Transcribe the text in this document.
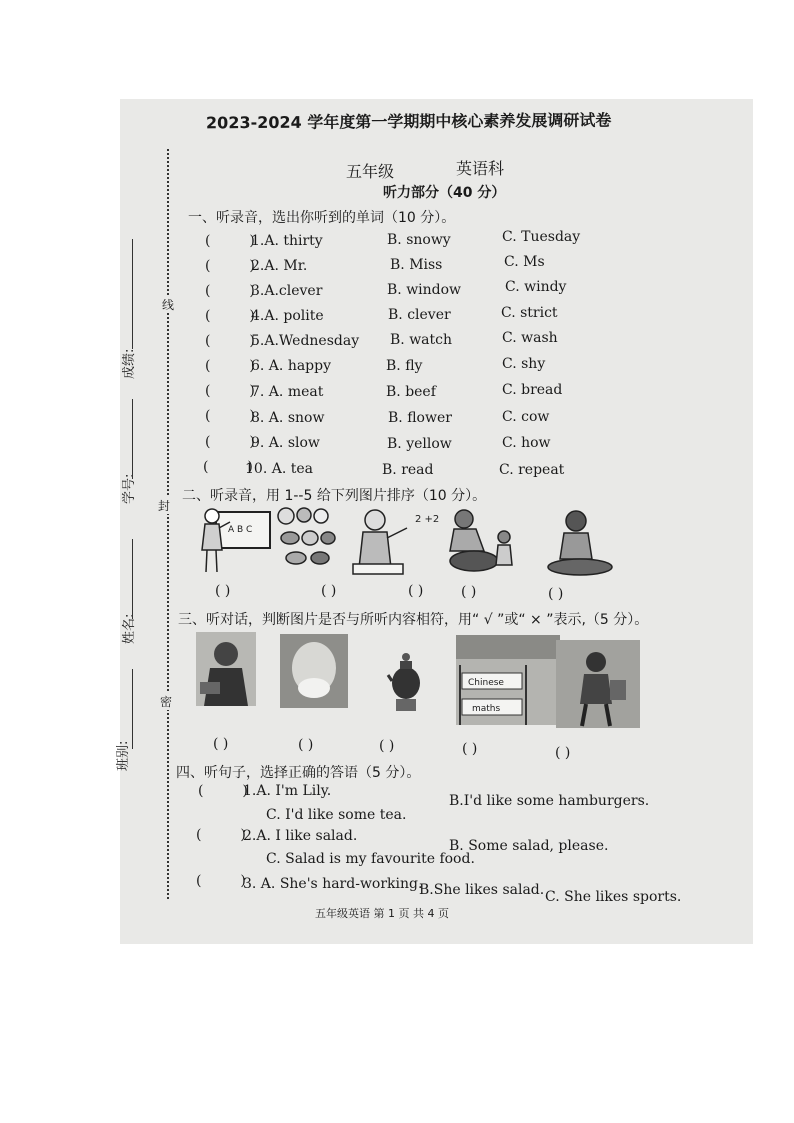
2023-2024 学年度第一学期期中核心素养发展调研试卷
五年级	英语科
听力部分（40 分）
成绩:
学号:
姓名:
班别:
线
封
密
一、听录音，选出你听到的单词（10 分）。
(  )
1.A. thirty	B. snowy	C. Tuesday
(  )
2.A. Mr.	B. Miss	C. Ms
(  )
3.A.clever	B. window	C. windy
(  )
4.A. polite	B. clever	C. strict
(  )
5.A.Wednesday B. watch	C. wash
(  )
6. A. happy	B. fly	C. shy
(  )
7. A. meat	B. beef	C. bread
(  )
8. A. snow	B. flower	C. cow
(  )
9. A. slow	B. yellow	C. how
(  )
10. A. tea	B. read	C. repeat
二、听录音，用 1--5 给下列图片排序（10 分）。
A B C
2 +2
( )	( )	( )	( )	( )
三、听对话，判断图片是否与所听内容相符，用“ √ ”或“ × ”表示,（5 分）。
Chinese
maths
( )	( )	( )	( )	( )
四、听句子，选择正确的答语（5 分）。
(  )
1.A. I'm Lily.
B.I'd like some hamburgers.
C. I'd like some tea.
(  )
2.A. I like salad.
B. Some salad, please.
C. Salad is my favourite food.
(  )
3. A. She's hard-working.
B.She likes salad. C. She likes sports.
五年级英语 第 1 页 共 4 页
